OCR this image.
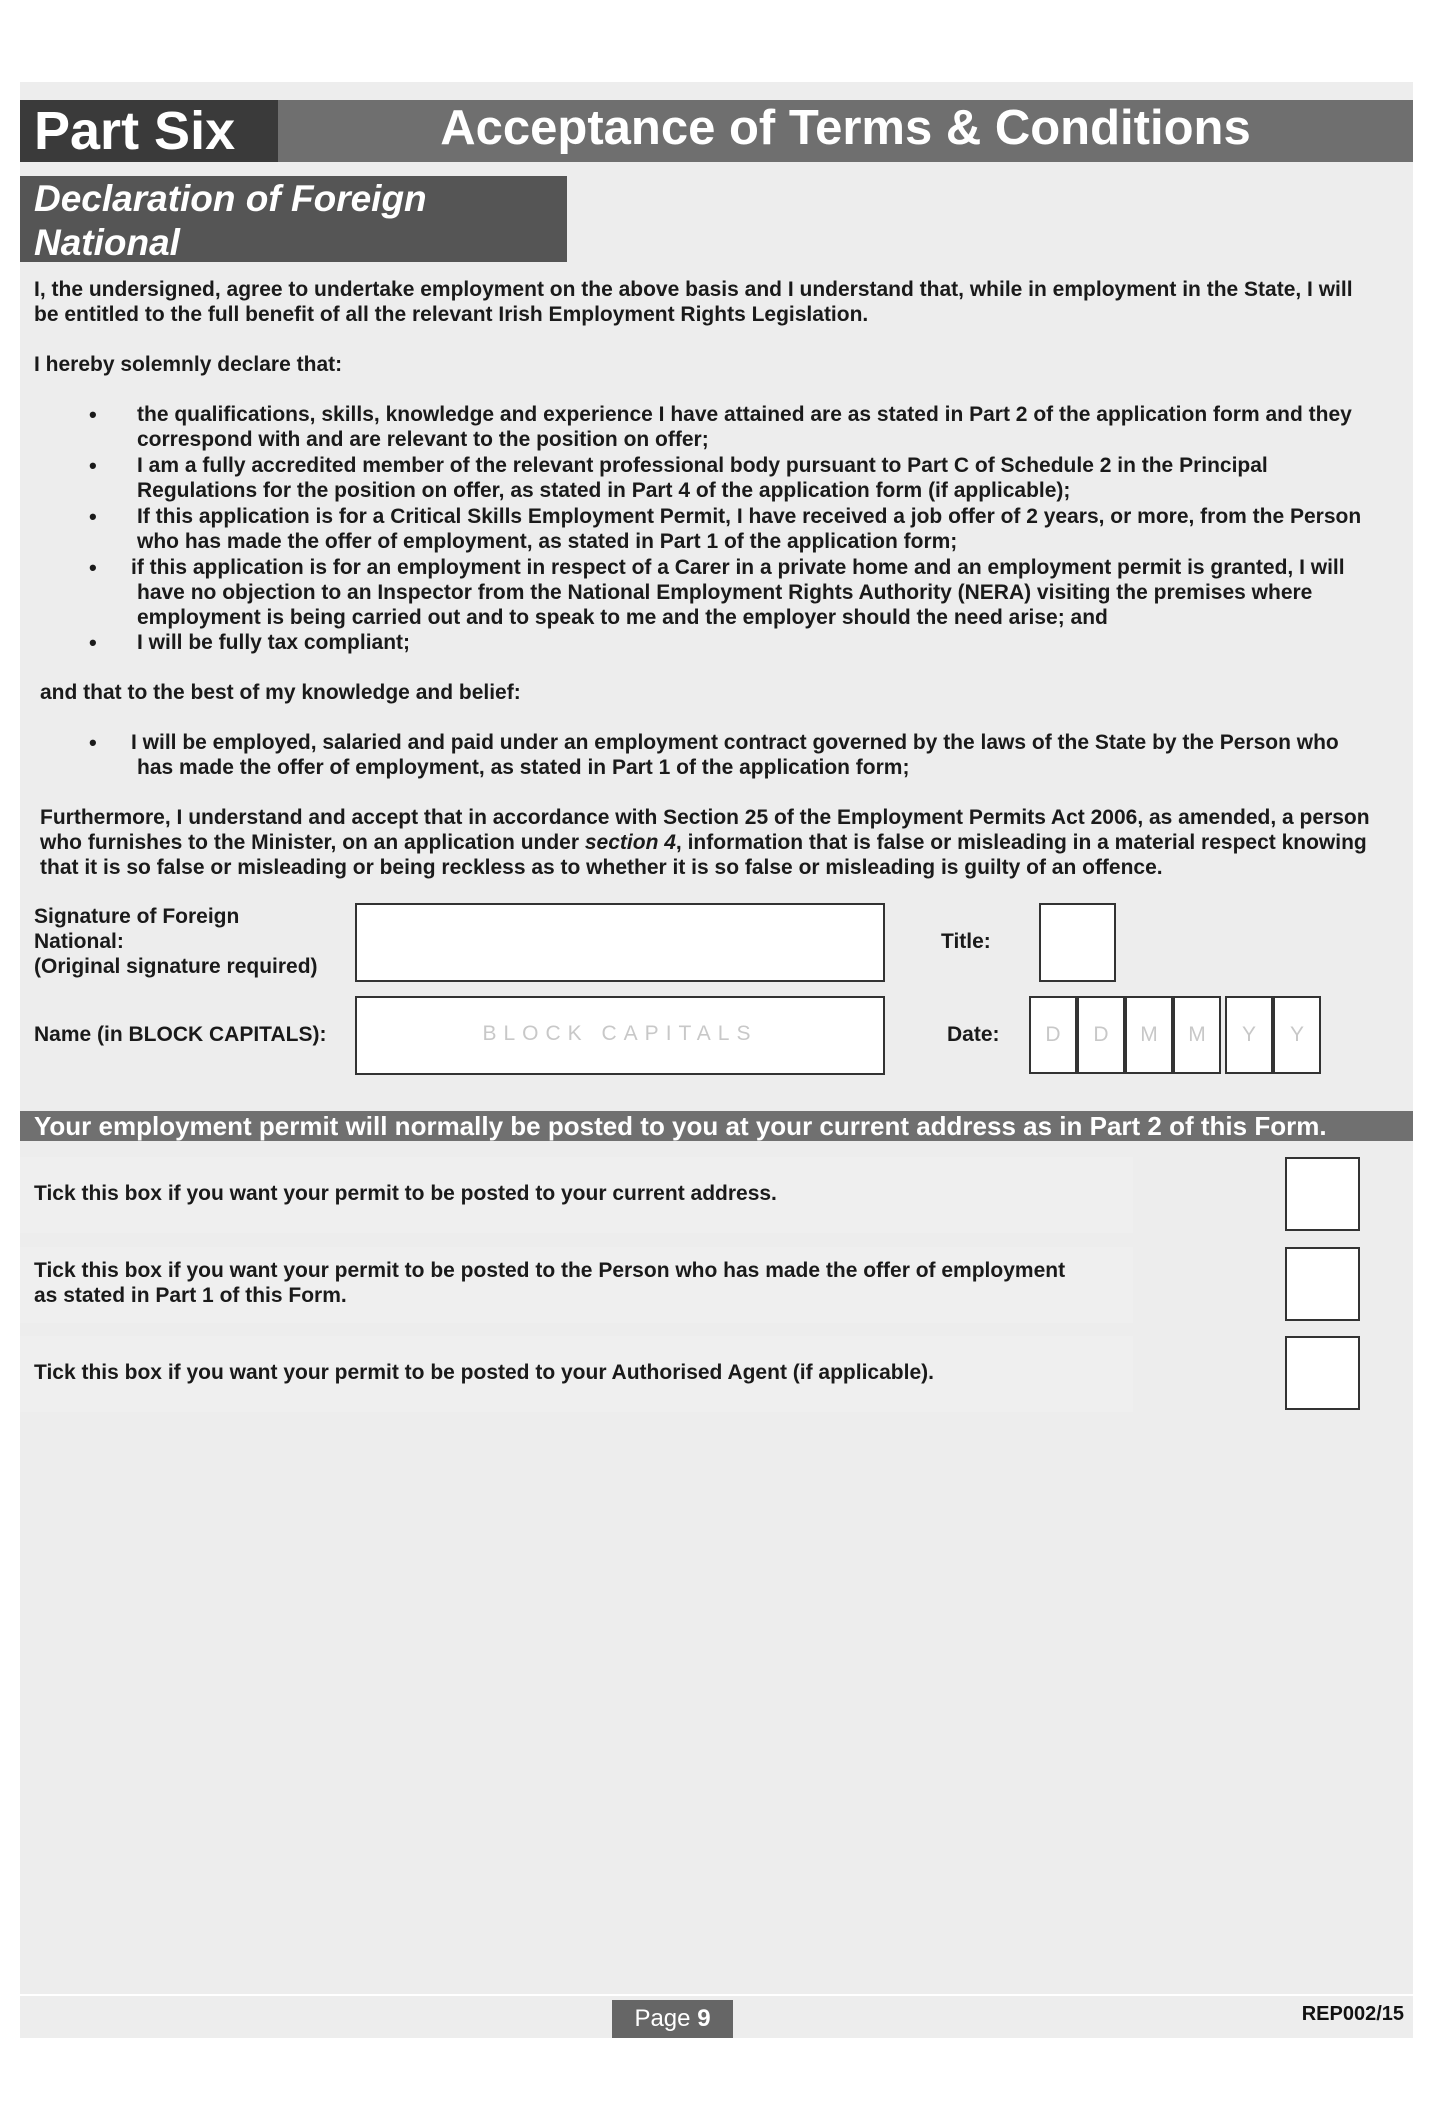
Part Six	Acceptance of Terms & Conditions
Declaration of Foreign
National
I, the undersigned, agree to undertake employment on the above basis and I understand that, while in employment in the State, I will
be entitled to the full benefit of all the relevant Irish Employment Rights Legislation.
I hereby solemnly declare that:
• the qualifications, skills, knowledge and experience I have attained are as stated in Part 2 of the application form and they
correspond with and are relevant to the position on offer;
• I am a fully accredited member of the relevant professional body pursuant to Part C of Schedule 2 in the Principal
Regulations for the position on offer, as stated in Part 4 of the application form (if applicable);
• If this application is for a Critical Skills Employment Permit, I have received a job offer of 2 years, or more, from the Person
who has made the offer of employment, as stated in Part 1 of the application form;
• if this application is for an employment in respect of a Carer in a private home and an employment permit is granted, I will
have no objection to an Inspector from the National Employment Rights Authority (NERA) visiting the premises where
employment is being carried out and to speak to me and the employer should the need arise; and
• I will be fully tax compliant;
and that to the best of my knowledge and belief:
• I will be employed, salaried and paid under an employment contract governed by the laws of the State by the Person who
has made the offer of employment, as stated in Part 1 of the application form;
Furthermore, I understand and accept that in accordance with Section 25 of the Employment Permits Act 2006, as amended, a person
who furnishes to the Minister, on an application under section 4, information that is false or misleading in a material respect knowing
that it is so false or misleading or being reckless as to whether it is so false or misleading is guilty of an offence.
Signature of Foreign
National:
(Original signature required)
Title:
Name (in BLOCK CAPITALS):	BLOCK CAPITALS	Date:	D	D	M	M	Y	Y
Your employment permit will normally be posted to you at your current address as in Part 2 of this Form.
Tick this box if you want your permit to be posted to your current address.
Tick this box if you want your permit to be posted to the Person who has made the offer of employment
as stated in Part 1 of this Form.
Tick this box if you want your permit to be posted to your Authorised Agent (if applicable).
Page 9	REP002/15
